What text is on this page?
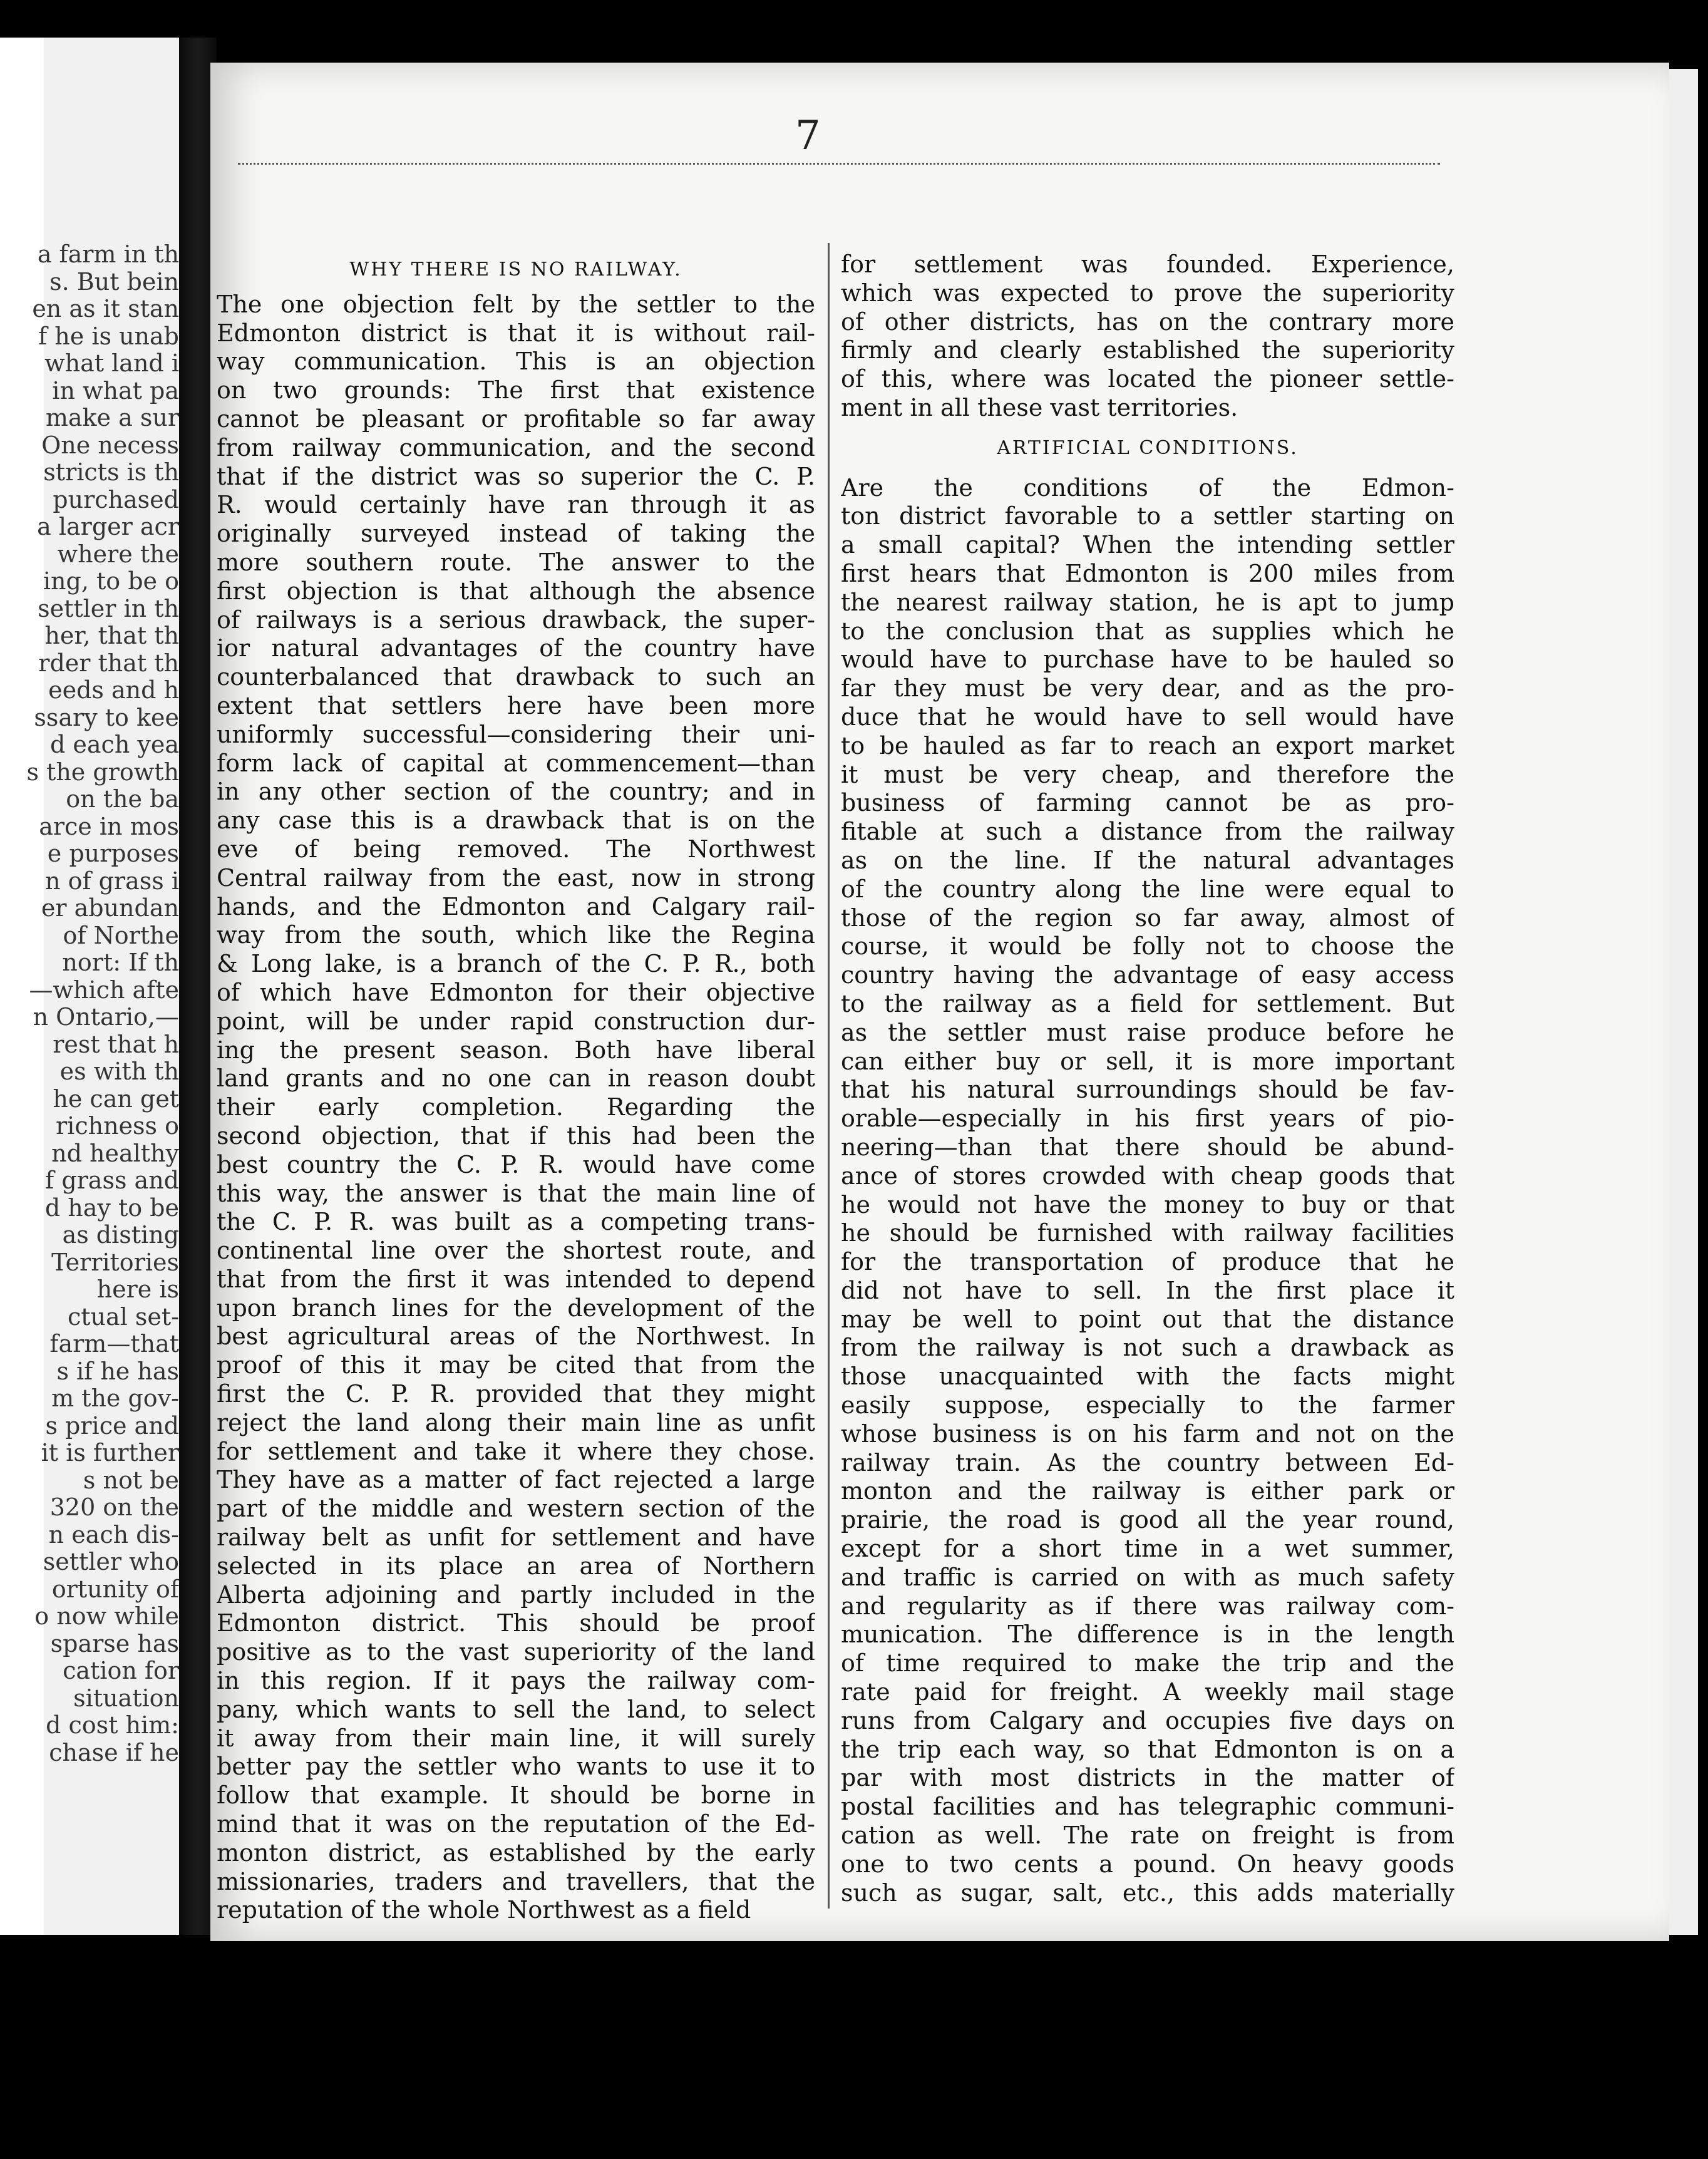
a farm in th
s. But bein
en as it stan
f he is unab
what land i
in what pa
make a sur
One necess
stricts is th
purchased
a larger acr
where the
ing, to be o
settler in th
her, that th
rder that th
eeds and h
ssary to kee
d each yea
s the growth
on the ba
arce in mos
e purposes
n of grass i
er abundan
of Northe
nort: If th
—which afte
n Ontario,—
rest that h
es with th
he can get
richness o
nd healthy
f grass and
d hay to be
as disting
Territories
here is
ctual set-
farm—that
s if he has
m the gov-
s price and
it is further
s not be
320 on the
n each dis-
settler who
ortunity of
o now while
sparse has
cation for
situation
d cost him:
chase if he
7
WHY THERE IS NO RAILWAY.
The one objection felt by the settler to the
Edmonton district is that it is without rail-
way communication. This is an objection
on two grounds: The first that existence
cannot be pleasant or profitable so far away
from railway communication, and the second
that if the district was so superior the C. P.
R. would certainly have ran through it as
originally surveyed instead of taking the
more southern route. The answer to the
first objection is that although the absence
of railways is a serious drawback, the super-
ior natural advantages of the country have
counterbalanced that drawback to such an
extent that settlers here have been more
uniformly successful—considering their uni-
form lack of capital at commencement—than
in any other section of the country; and in
any case this is a drawback that is on the
eve of being removed. The Northwest
Central railway from the east, now in strong
hands, and the Edmonton and Calgary rail-
way from the south, which like the Regina
& Long lake, is a branch of the C. P. R., both
of which have Edmonton for their objective
point, will be under rapid construction dur-
ing the present season. Both have liberal
land grants and no one can in reason doubt
their early completion. Regarding the
second objection, that if this had been the
best country the C. P. R. would have come
this way, the answer is that the main line of
the C. P. R. was built as a competing trans-
continental line over the shortest route, and
that from the first it was intended to depend
upon branch lines for the development of the
best agricultural areas of the Northwest. In
proof of this it may be cited that from the
first the C. P. R. provided that they might
reject the land along their main line as unfit
for settlement and take it where they chose.
They have as a matter of fact rejected a large
part of the middle and western section of the
railway belt as unfit for settlement and have
selected in its place an area of Northern
Alberta adjoining and partly included in the
Edmonton district. This should be proof
positive as to the vast superiority of the land
in this region. If it pays the railway com-
pany, which wants to sell the land, to select
it away from their main line, it will surely
better pay the settler who wants to use it to
follow that example. It should be borne in
mind that it was on the reputation of the Ed-
monton district, as established by the early
missionaries, traders and travellers, that the
reputation of the whole Northwest as a field
for settlement was founded. Experience,
which was expected to prove the superiority
of other districts, has on the contrary more
firmly and clearly established the superiority
of this, where was located the pioneer settle-
ment in all these vast territories.
ARTIFICIAL CONDITIONS.
Are the conditions of the Edmon-
ton district favorable to a settler starting on
a small capital? When the intending settler
first hears that Edmonton is 200 miles from
the nearest railway station, he is apt to jump
to the conclusion that as supplies which he
would have to purchase have to be hauled so
far they must be very dear, and as the pro-
duce that he would have to sell would have
to be hauled as far to reach an export market
it must be very cheap, and therefore the
business of farming cannot be as pro-
fitable at such a distance from the railway
as on the line. If the natural advantages
of the country along the line were equal to
those of the region so far away, almost of
course, it would be folly not to choose the
country having the advantage of easy access
to the railway as a field for settlement. But
as the settler must raise produce before he
can either buy or sell, it is more important
that his natural surroundings should be fav-
orable—especially in his first years of pio-
neering—than that there should be abund-
ance of stores crowded with cheap goods that
he would not have the money to buy or that
he should be furnished with railway facilities
for the transportation of produce that he
did not have to sell. In the first place it
may be well to point out that the distance
from the railway is not such a drawback as
those unacquainted with the facts might
easily suppose, especially to the farmer
whose business is on his farm and not on the
railway train. As the country between Ed-
monton and the railway is either park or
prairie, the road is good all the year round,
except for a short time in a wet summer,
and traffic is carried on with as much safety
and regularity as if there was railway com-
munication. The difference is in the length
of time required to make the trip and the
rate paid for freight. A weekly mail stage
runs from Calgary and occupies five days on
the trip each way, so that Edmonton is on a
par with most districts in the matter of
postal facilities and has telegraphic communi-
cation as well. The rate on freight is from
one to two cents a pound. On heavy goods
such as sugar, salt, etc., this adds materially
